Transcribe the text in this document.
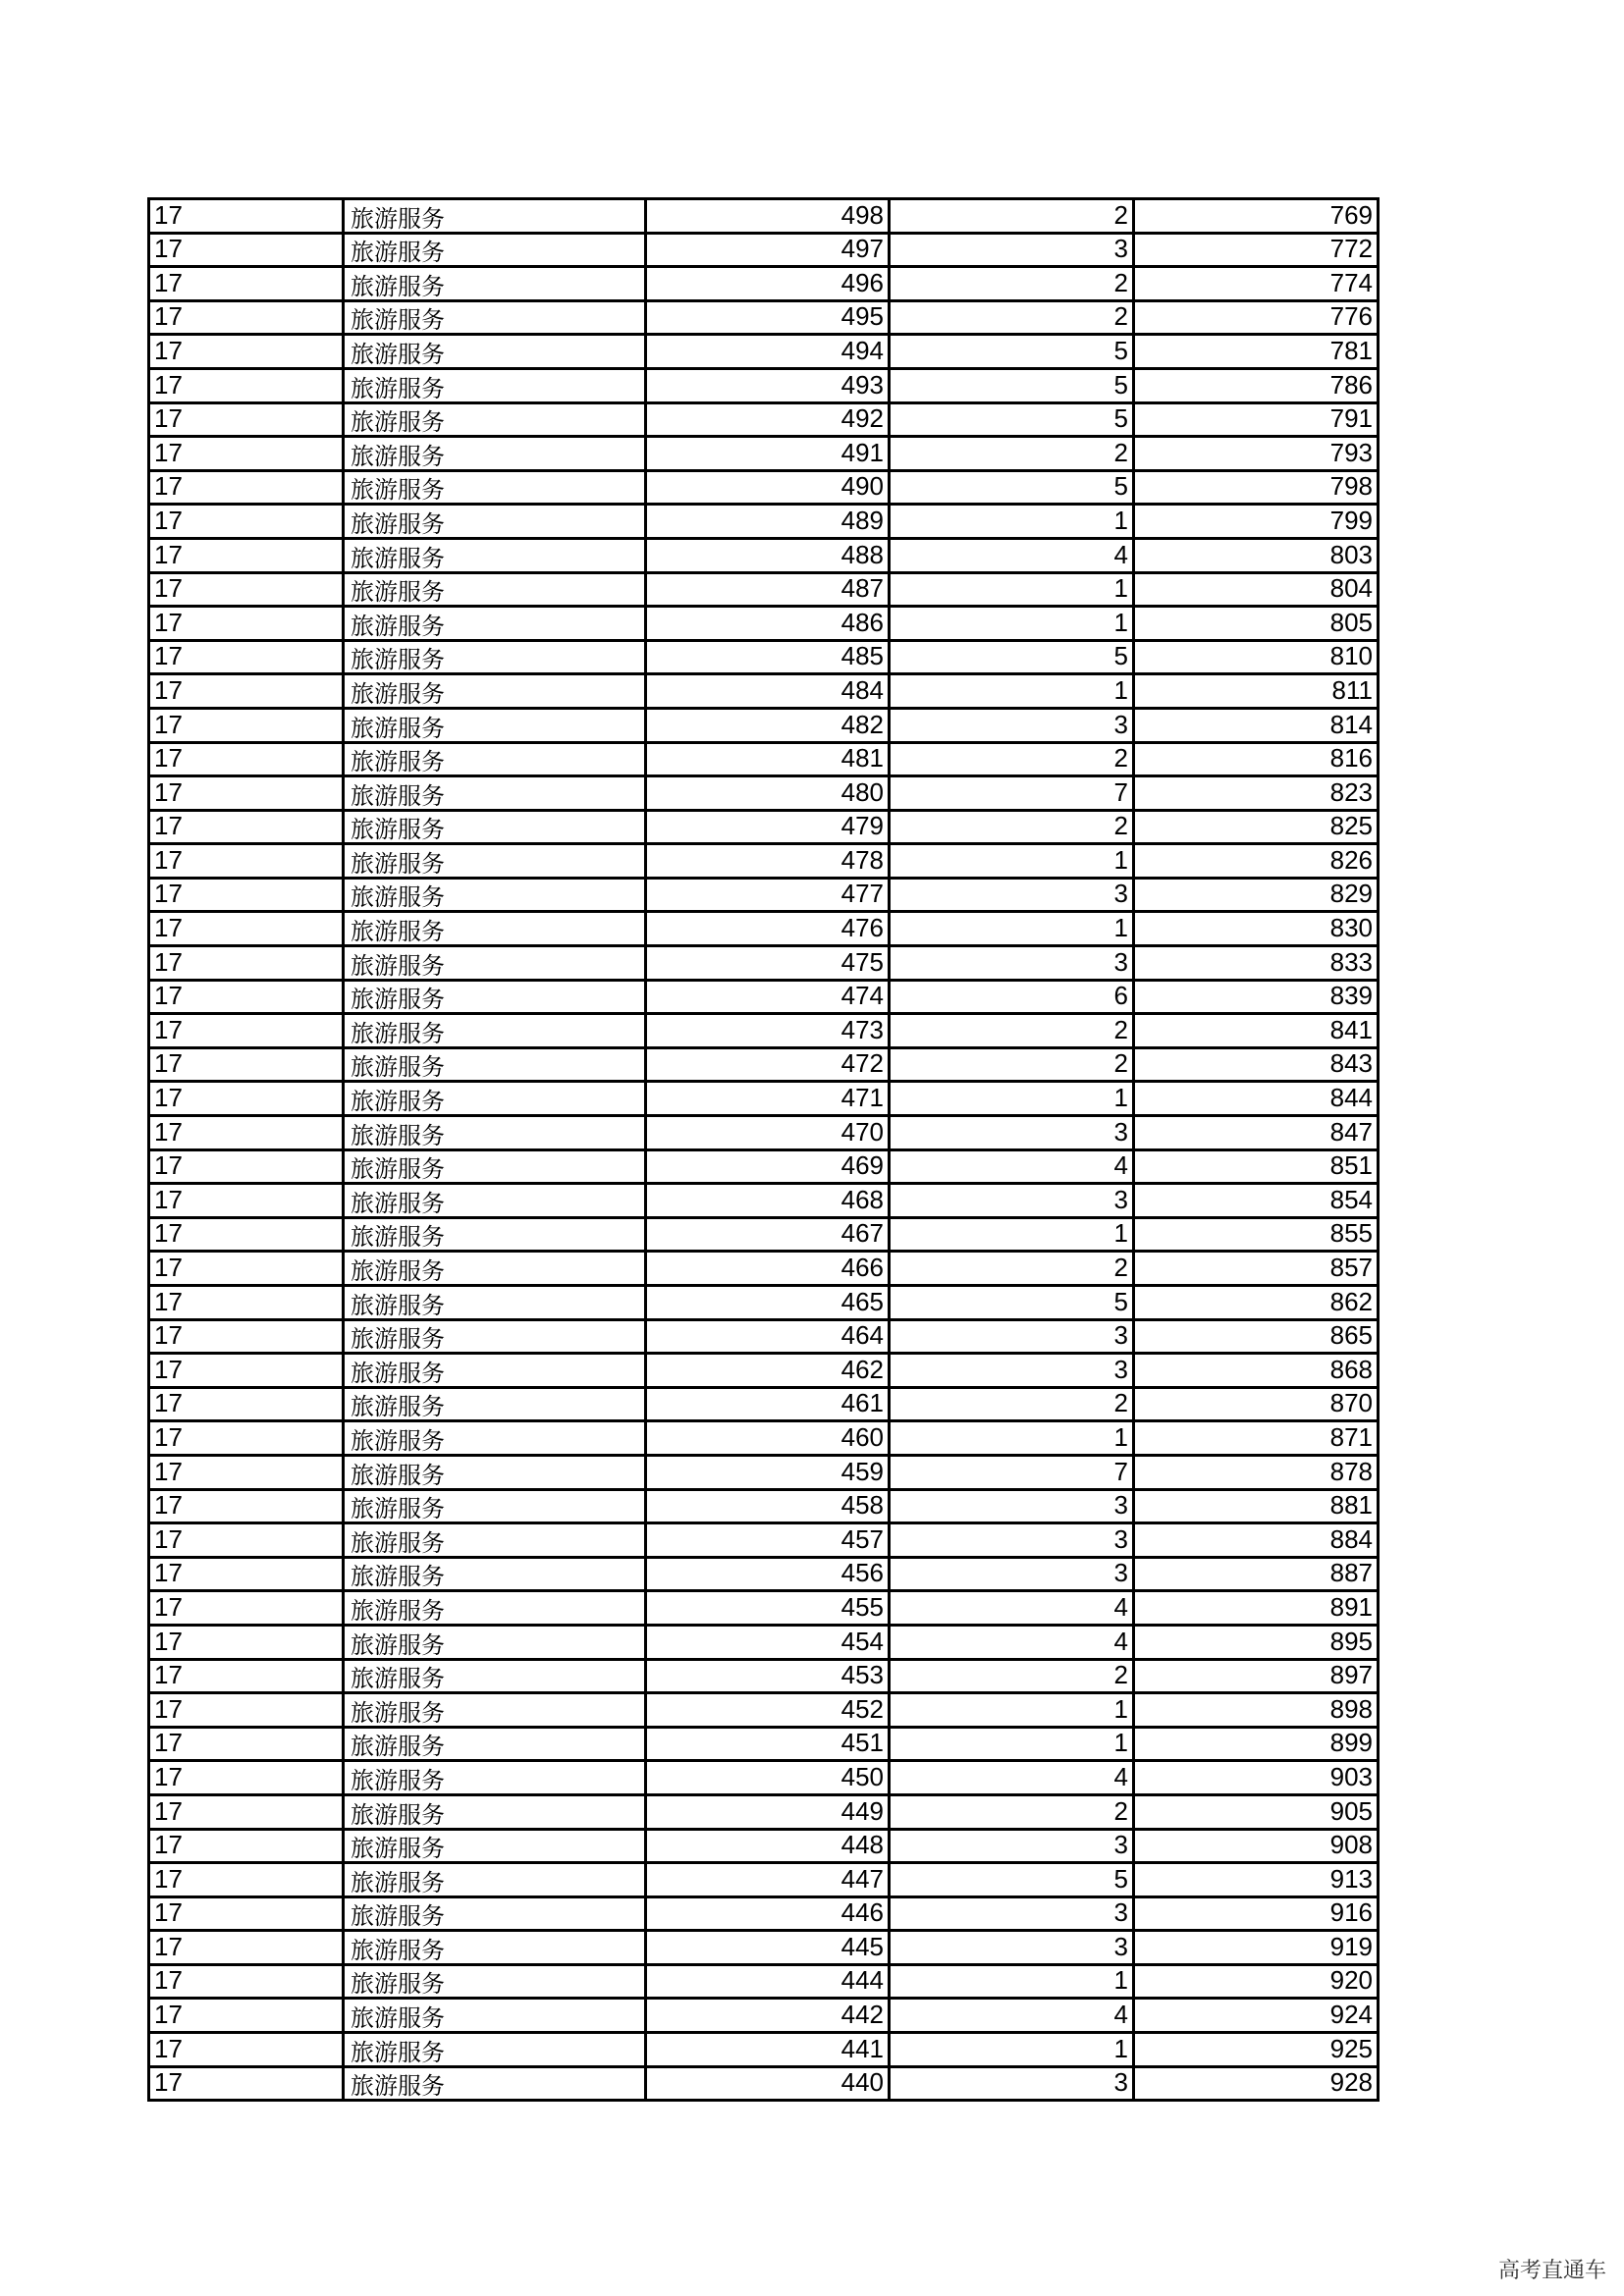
17	旅游服务	498	2	769
17	旅游服务	497	3	772
17	旅游服务	496	2	774
17	旅游服务	495	2	776
17	旅游服务	494	5	781
17	旅游服务	493	5	786
17	旅游服务	492	5	791
17	旅游服务	491	2	793
17	旅游服务	490	5	798
17	旅游服务	489	1	799
17	旅游服务	488	4	803
17	旅游服务	487	1	804
17	旅游服务	486	1	805
17	旅游服务	485	5	810
17	旅游服务	484	1	811
17	旅游服务	482	3	814
17	旅游服务	481	2	816
17	旅游服务	480	7	823
17	旅游服务	479	2	825
17	旅游服务	478	1	826
17	旅游服务	477	3	829
17	旅游服务	476	1	830
17	旅游服务	475	3	833
17	旅游服务	474	6	839
17	旅游服务	473	2	841
17	旅游服务	472	2	843
17	旅游服务	471	1	844
17	旅游服务	470	3	847
17	旅游服务	469	4	851
17	旅游服务	468	3	854
17	旅游服务	467	1	855
17	旅游服务	466	2	857
17	旅游服务	465	5	862
17	旅游服务	464	3	865
17	旅游服务	462	3	868
17	旅游服务	461	2	870
17	旅游服务	460	1	871
17	旅游服务	459	7	878
17	旅游服务	458	3	881
17	旅游服务	457	3	884
17	旅游服务	456	3	887
17	旅游服务	455	4	891
17	旅游服务	454	4	895
17	旅游服务	453	2	897
17	旅游服务	452	1	898
17	旅游服务	451	1	899
17	旅游服务	450	4	903
17	旅游服务	449	2	905
17	旅游服务	448	3	908
17	旅游服务	447	5	913
17	旅游服务	446	3	916
17	旅游服务	445	3	919
17	旅游服务	444	1	920
17	旅游服务	442	4	924
17	旅游服务	441	1	925
17	旅游服务	440	3	928
高考直通车
